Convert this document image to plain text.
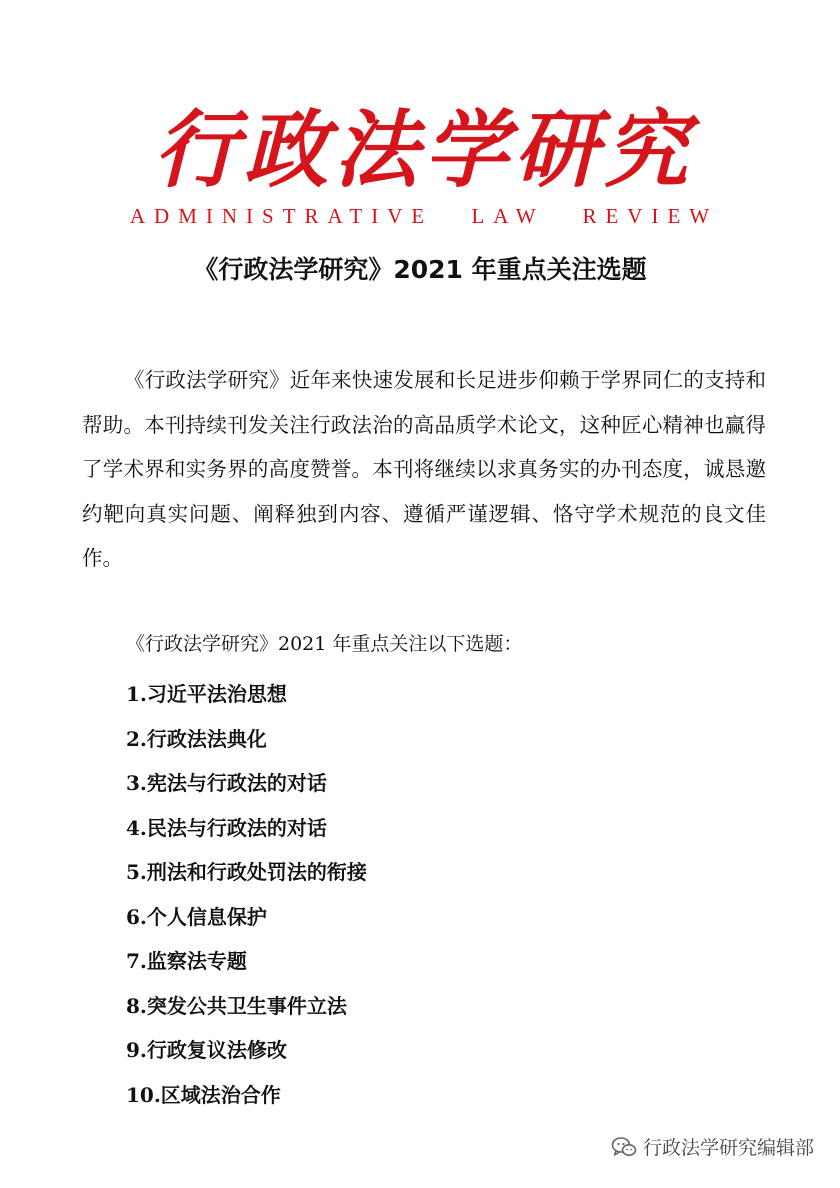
行政法学研究
ADMINISTRATIVE LAW REVIEW
《行政法学研究》2021 年重点关注选题

《行政法学研究》近年来快速发展和长足进步仰赖于学界同仁的支持和帮助。本刊持续刊发关注行政法治的高品质学术论文，这种匠心精神也赢得了学术界和实务界的高度赞誉。本刊将继续以求真务实的办刊态度，诚恳邀约靶向真实问题、阐释独到内容、遵循严谨逻辑、恪守学术规范的良文佳作。

《行政法学研究》2021 年重点关注以下选题：

1.习近平法治思想
2.行政法法典化
3.宪法与行政法的对话
4.民法与行政法的对话
5.刑法和行政处罚法的衔接
6.个人信息保护
7.监察法专题
8.突发公共卫生事件立法
9.行政复议法修改
10.区域法治合作
行政法学研究编辑部
